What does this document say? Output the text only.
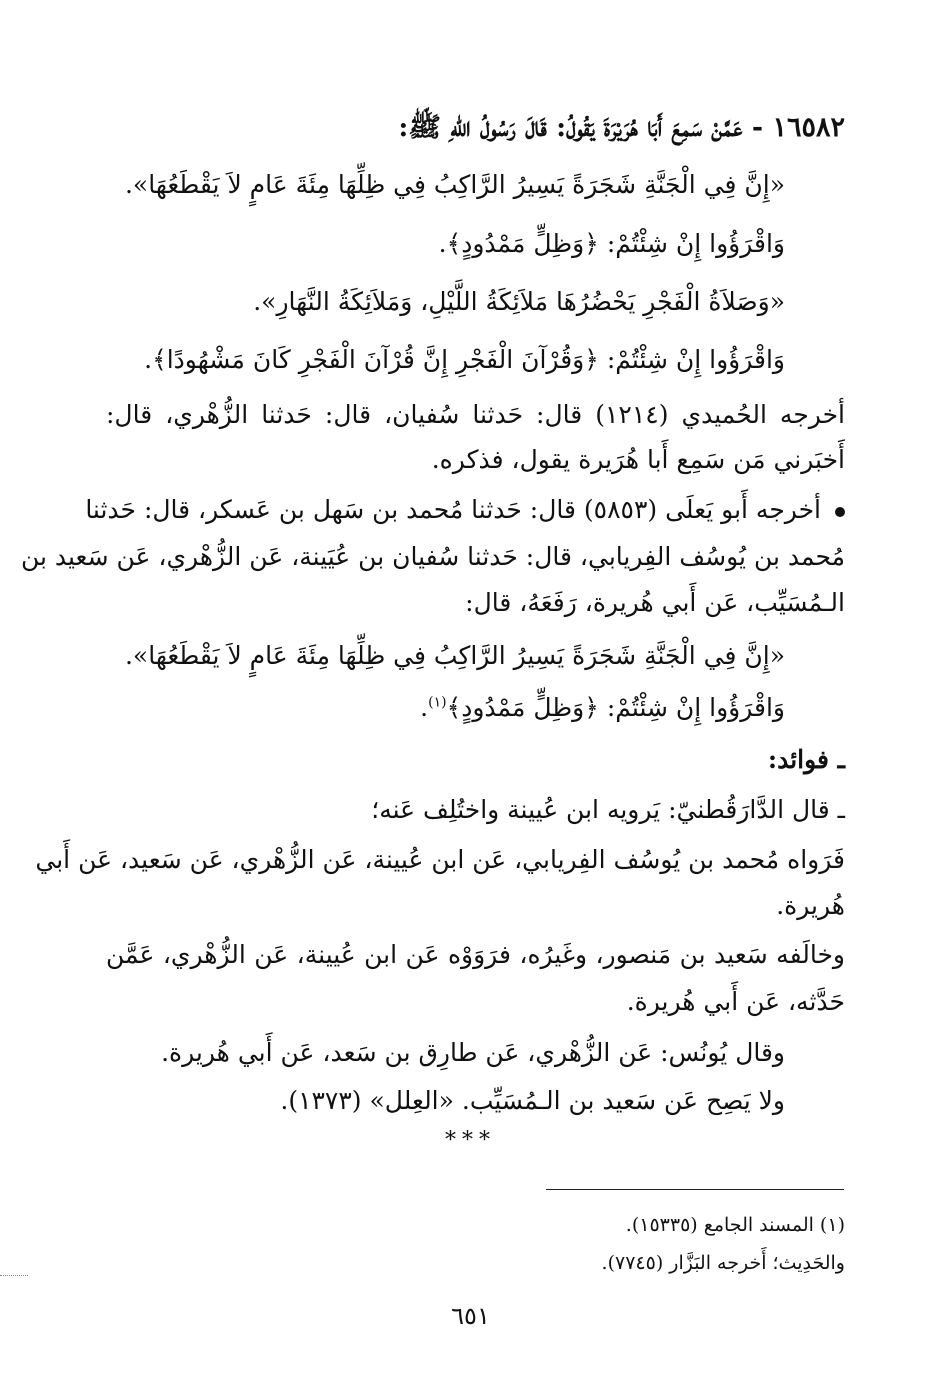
١٦٥٨٢ - عَمَّنْ سَمِعَ أَبَا هُرَيْرَةَ يَقُولُ: قَالَ رَسُولُ اللهِ ﷺ:
«إِنَّ فِي الْجَنَّةِ شَجَرَةً يَسِيرُ الرَّاكِبُ فِي ظِلِّهَا مِئَةَ عَامٍ لاَ يَقْطَعُهَا».
وَاقْرَؤُوا إِنْ شِئْتُمْ: ﴿وَظِلٍّ مَمْدُودٍ﴾.
«وَصَلاَةُ الْفَجْرِ يَحْضُرُهَا مَلاَئِكَةُ اللَّيْلِ، وَمَلاَئِكَةُ النَّهَارِ».
وَاقْرَؤُوا إِنْ شِئْتُمْ: ﴿وَقُرْآنَ الْفَجْرِ إِنَّ قُرْآنَ الْفَجْرِ كَانَ مَشْهُودًا﴾.
أخرجه الحُميدي (١٢١٤) قال: حَدثنا سُفيان، قال: حَدثنا الزُّهْري، قال:
أَخبَرني مَن سَمِع أَبا هُرَيرة يقول، فذكره.
أخرجه أَبو يَعلَى (٥٨٥٣) قال: حَدثنا مُحمد بن سَهل بن عَسكر، قال: حَدثنا
مُحمد بن يُوسُف الفِريابي، قال: حَدثنا سُفيان بن عُيَينة، عَن الزُّهْري، عَن سَعيد بن
الـمُسَيِّب، عَن أَبي هُريرة، رَفَعَهُ، قال:
«إِنَّ فِي الْجَنَّةِ شَجَرَةً يَسِيرُ الرَّاكِبُ فِي ظِلِّهَا مِئَةَ عَامٍ لاَ يَقْطَعُهَا».
وَاقْرَؤُوا إِنْ شِئْتُمْ: ﴿وَظِلٍّ مَمْدُودٍ﴾$^{(١)}$.
ـ فوائد:
ـ قال الدَّارَقُطنيّ: يَرويه ابن عُيينة واختُلِف عَنه؛
فَرَواه مُحمد بن يُوسُف الفِريابي، عَن ابن عُيينة، عَن الزُّهْري، عَن سَعيد، عَن أَبي
هُريرة.
وخالَفه سَعيد بن مَنصور، وغَيرُه، فرَوَوْه عَن ابن عُيينة، عَن الزُّهْري، عَمَّن
حَدَّثه، عَن أَبي هُريرة.
وقال يُونُس: عَن الزُّهْري، عَن طارِق بن سَعد، عَن أَبي هُريرة.
ولا يَصِح عَن سَعيد بن الـمُسَيِّب. «العِلل» (١٣٧٣).
***
(١) المسند الجامع (١٥٣٣٥).
والحَدِيث؛ أَخرجه البَزَّار (٧٧٤٥).
٦٥١
